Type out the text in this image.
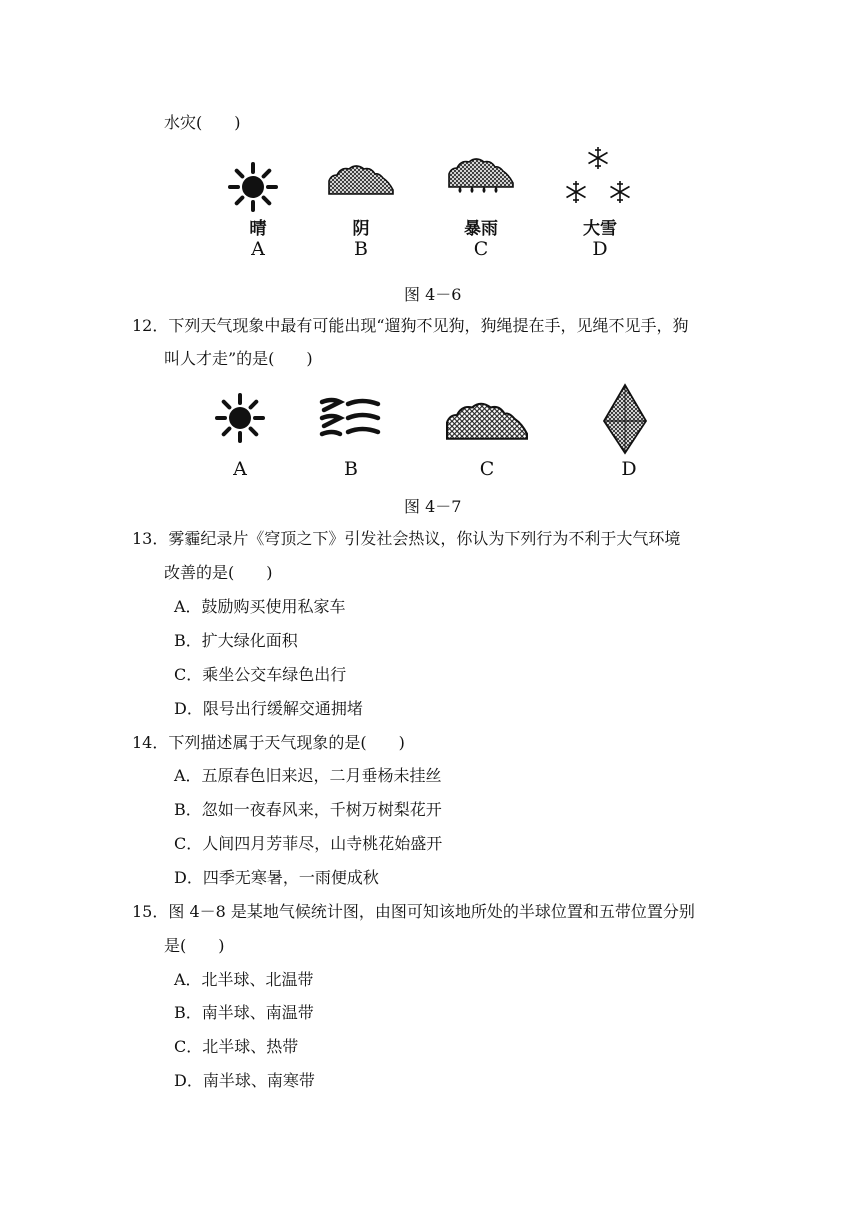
水灾(　　)
晴	阴	暴雨	大雪
A	B	C	D
图 4－6
12．下列天气现象中最有可能出现“遛狗不见狗，狗绳提在手，见绳不见手，狗
叫人才走”的是(　　)
A	B	C	D
图 4－7
13．雾霾纪录片《穹顶之下》引发社会热议，你认为下列行为不利于大气环境
改善的是(　　)
A．鼓励购买使用私家车
B．扩大绿化面积
C．乘坐公交车绿色出行
D．限号出行缓解交通拥堵
14．下列描述属于天气现象的是(　　)
A．五原春色旧来迟，二月垂杨未挂丝
B．忽如一夜春风来，千树万树梨花开
C．人间四月芳菲尽，山寺桃花始盛开
D．四季无寒暑，一雨便成秋
15．图 4－8 是某地气候统计图，由图可知该地所处的半球位置和五带位置分别
是(　　)
A．北半球、北温带
B．南半球、南温带
C．北半球、热带
D．南半球、南寒带
